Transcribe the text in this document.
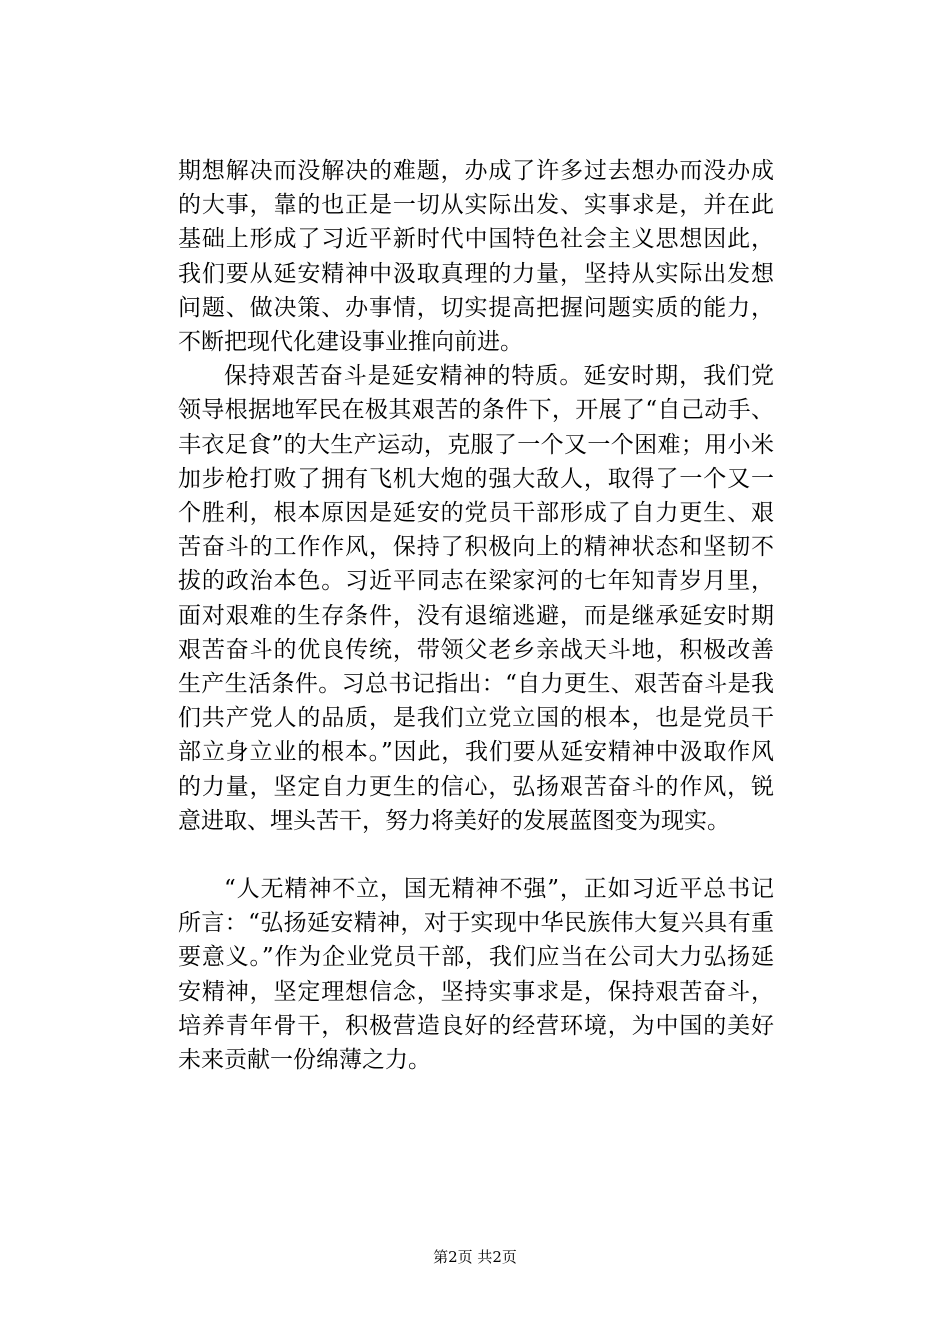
期想解决而没解决的难题，办成了许多过去想办而没办成的大事，靠的也正是一切从实际出发、实事求是，并在此基础上形成了习近平新时代中国特色社会主义思想因此，我们要从延安精神中汲取真理的力量，坚持从实际出发想问题、做决策、办事情，切实提高把握问题实质的能力，不断把现代化建设事业推向前进。

保持艰苦奋斗是延安精神的特质。延安时期，我们党领导根据地军民在极其艰苦的条件下，开展了“自己动手、丰衣足食”的大生产运动，克服了一个又一个困难；用小米加步枪打败了拥有飞机大炮的强大敌人，取得了一个又一个胜利，根本原因是延安的党员干部形成了自力更生、艰苦奋斗的工作作风，保持了积极向上的精神状态和坚韧不拔的政治本色。习近平同志在梁家河的七年知青岁月里，面对艰难的生存条件，没有退缩逃避，而是继承延安时期艰苦奋斗的优良传统，带领父老乡亲战天斗地，积极改善生产生活条件。习总书记指出：“自力更生、艰苦奋斗是我们共产党人的品质，是我们立党立国的根本，也是党员干部立身立业的根本。”因此，我们要从延安精神中汲取作风的力量，坚定自力更生的信心，弘扬艰苦奋斗的作风，锐意进取、埋头苦干，努力将美好的发展蓝图变为现实。

“人无精神不立，国无精神不强”，正如习近平总书记所言：“弘扬延安精神，对于实现中华民族伟大复兴具有重要意义。”作为企业党员干部，我们应当在公司大力弘扬延安精神，坚定理想信念，坚持实事求是，保持艰苦奋斗，培养青年骨干，积极营造良好的经营环境，为中国的美好未来贡献一份绵薄之力。

第2页 共2页
